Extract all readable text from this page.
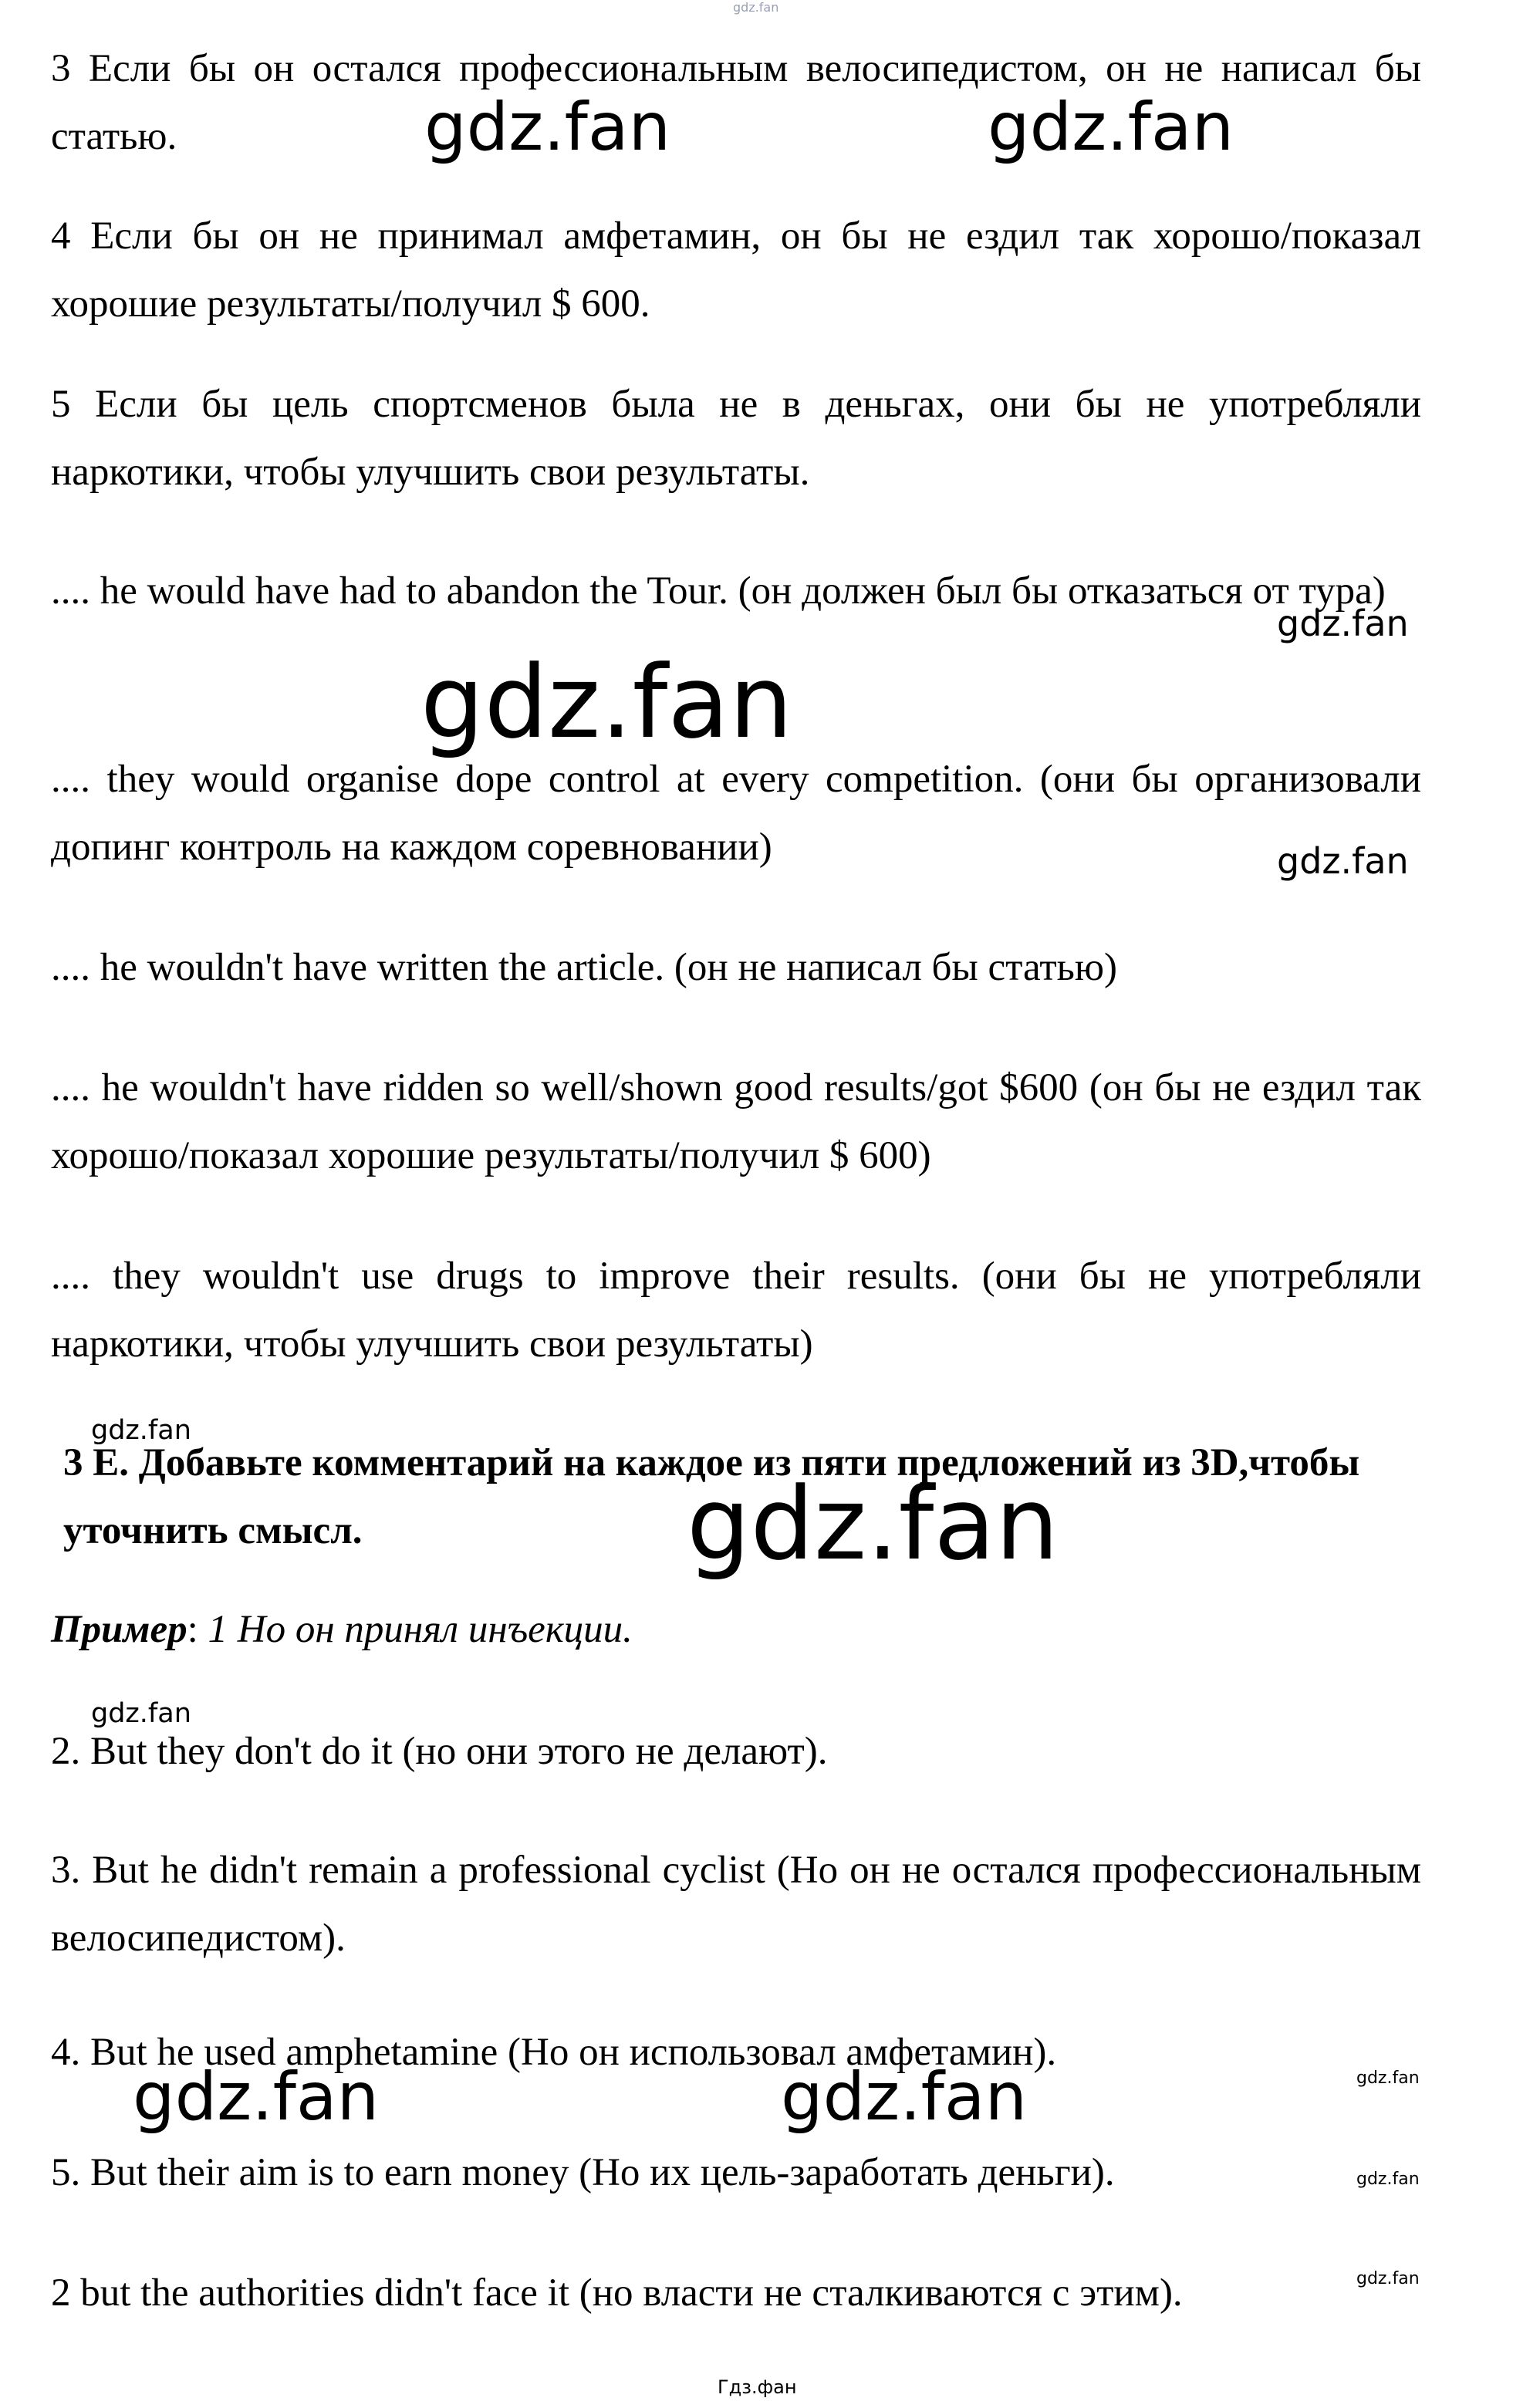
gdz.fan

3 Если бы он остался профессиональным велосипедистом, он не написал бы статью.	gdz.fan	gdz.fan

4 Если бы он не принимал амфетамин, он бы не ездил так хорошо/показал хорошие результаты/получил $ 600.

5 Если бы цель спортсменов была не в деньгах, они бы не употребляли наркотики, чтобы улучшить свои результаты.

.... he would have had to abandon the Tour. (он должен был бы отказаться от тура)

gdz.fan
gdz.fan

.... they would organise dope control at every competition. (они бы организовали допинг контроль на каждом соревновании)	gdz.fan

.... he wouldn't have written the article. (он не написал бы статью)

.... he wouldn't have ridden so well/shown good results/got $600 (он бы не ездил так хорошо/показал хорошие результаты/получил $ 600)

.... they wouldn't use drugs to improve their results. (они бы не употребляли наркотики, чтобы улучшить свои результаты)

gdz.fan

3 E. Добавьте комментарий на каждое из пяти предложений из 3D,чтобы уточнить смысл.	gdz.fan

Пример: 1 Но он принял инъекции.

gdz.fan

2. But they don't do it (но они этого не делают).

3. But he didn't remain a professional cyclist (Но он не остался профессиональным велосипедистом).

4. But he used amphetamine (Но он использовал амфетамин).

gdz.fan	gdz.fan	gdz.fan

5. But their aim is to earn money (Но их цель-заработать деньги).	gdz.fan

2 but the authorities didn't face it (но власти не сталкиваются с этим).	gdz.fan
Гдз.фан
